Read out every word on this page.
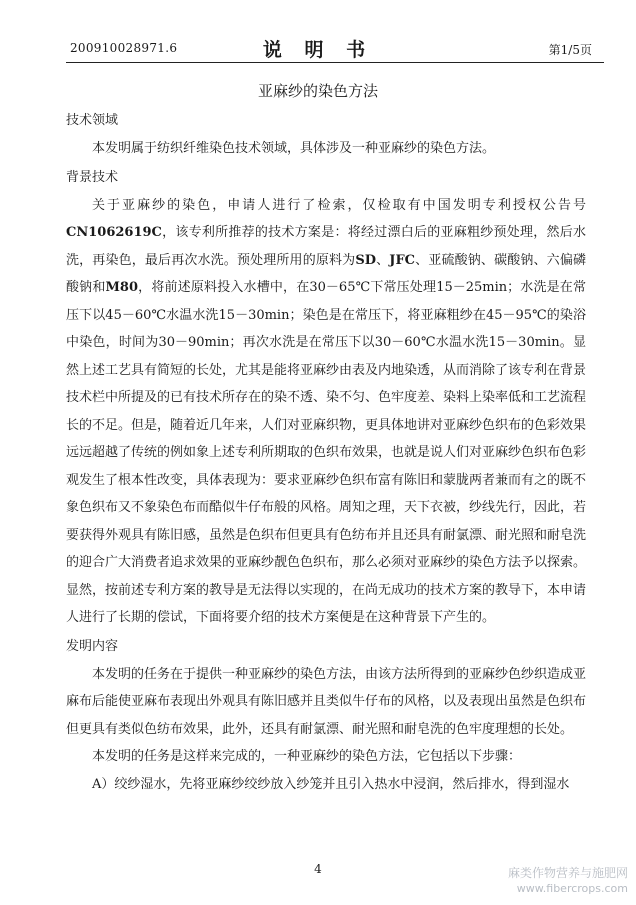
200910028971.6	说 明 书	第1/5页
亚麻纱的染色方法
技术领域

本发明属于纺织纤维染色技术领域，具体涉及一种亚麻纱的染色方法。

背景技术

关于亚麻纱的染色，申请人进行了检索，仅检取有中国发明专利授权公告号CN1062619C，该专利所推荐的技术方案是：将经过漂白后的亚麻粗纱预处理，然后水洗，再染色，最后再次水洗。预处理所用的原料为SD、JFC、亚硫酸钠、碳酸钠、六偏磷酸钠和M80，将前述原料投入水槽中，在30－65℃下常压处理15－25min；水洗是在常压下以45－60℃水温水洗15－30min；染色是在常压下，将亚麻粗纱在45－95℃的染浴中染色，时间为30－90min；再次水洗是在常压下以30－60℃水温水洗15－30min。显然上述工艺具有简短的长处，尤其是能将亚麻纱由表及内地染透，从而消除了该专利在背景技术栏中所提及的已有技术所存在的染不透、染不匀、色牢度差、染料上染率低和工艺流程长的不足。但是，随着近几年来，人们对亚麻织物，更具体地讲对亚麻纱色织布的色彩效果远远超越了传统的例如象上述专利所期取的色织布效果，也就是说人们对亚麻纱色织布色彩观发生了根本性改变，具体表现为：要求亚麻纱色织布富有陈旧和蒙胧两者兼而有之的既不象色织布又不象染色布而酷似牛仔布般的风格。周知之理，天下衣被，纱线先行，因此，若要获得外观具有陈旧感，虽然是色织布但更具有色纺布并且还具有耐氯漂、耐光照和耐皂洗的迎合广大消费者追求效果的亚麻纱靓色色织布，那么必须对亚麻纱的染色方法予以探索。显然，按前述专利方案的教导是无法得以实现的，在尚无成功的技术方案的教导下，本申请人进行了长期的偿试，下面将要介绍的技术方案便是在这种背景下产生的。

发明内容

本发明的任务在于提供一种亚麻纱的染色方法，由该方法所得到的亚麻纱色纱织造成亚麻布后能使亚麻布表现出外观具有陈旧感并且类似牛仔布的风格，以及表现出虽然是色织布但更具有类似色纺布效果，此外，还具有耐氯漂、耐光照和耐皂洗的色牢度理想的长处。

本发明的任务是这样来完成的，一种亚麻纱的染色方法，它包括以下步骤：

A）绞纱湿水，先将亚麻纱绞纱放入纱笼并且引入热水中浸润，然后排水，得到湿水

4	麻类作物营养与施肥网
www.fibercrops.com
